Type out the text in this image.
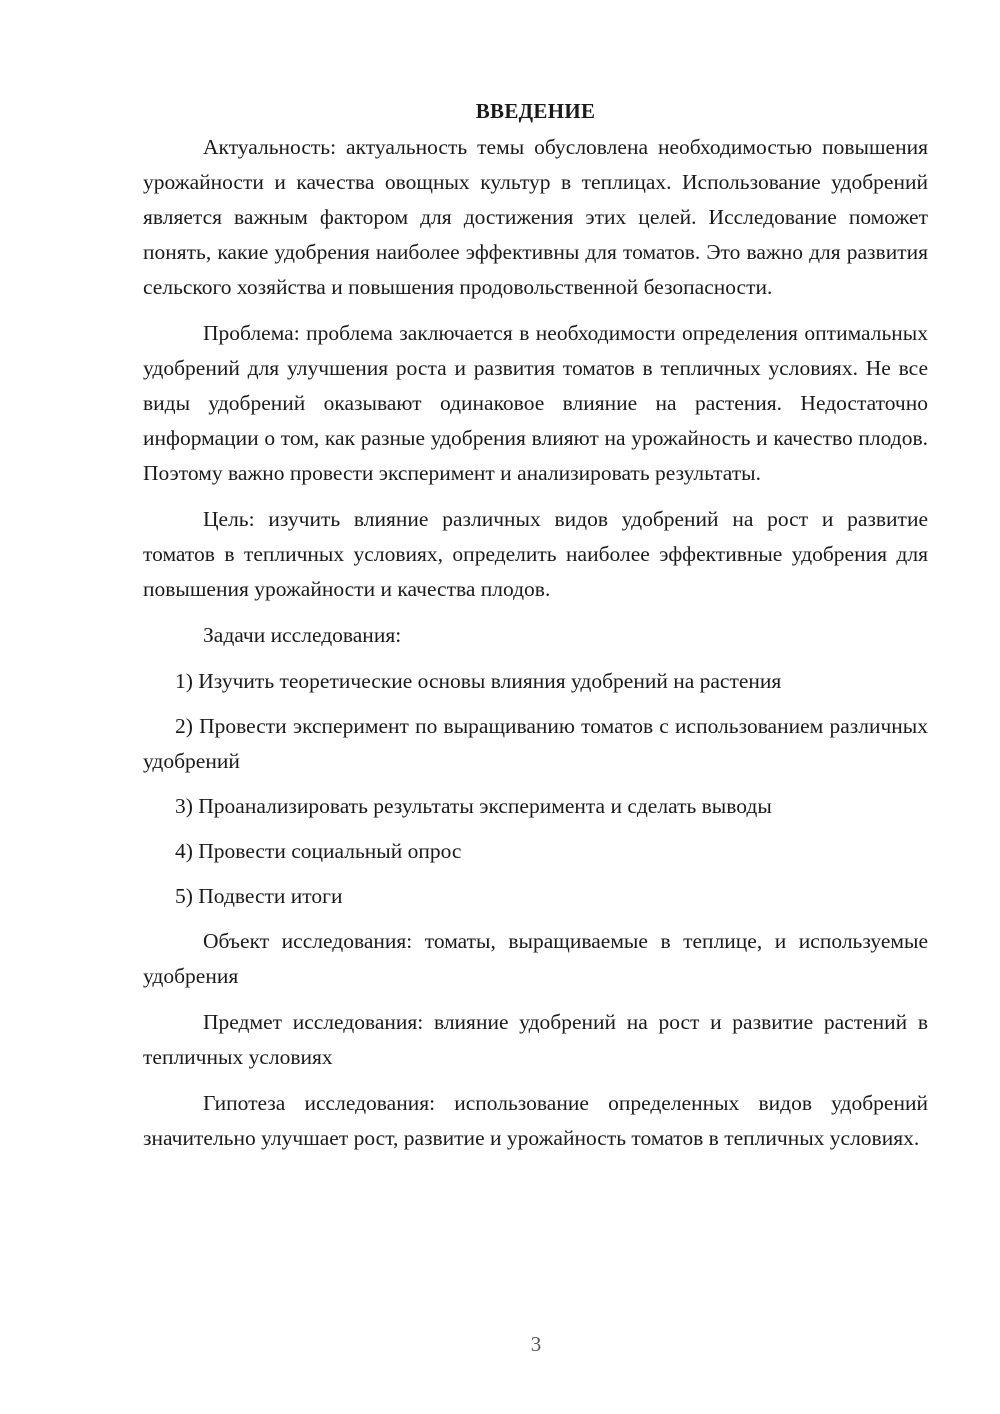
ВВЕДЕНИЕ

Актуальность: актуальность темы обусловлена необходимостью повышения урожайности и качества овощных культур в теплицах. Использование удобрений является важным фактором для достижения этих целей. Исследование поможет понять, какие удобрения наиболее эффективны для томатов. Это важно для развития сельского хозяйства и повышения продовольственной безопасности.

Проблема: проблема заключается в необходимости определения оптимальных удобрений для улучшения роста и развития томатов в тепличных условиях. Не все виды удобрений оказывают одинаковое влияние на растения. Недостаточно информации о том, как разные удобрения влияют на урожайность и качество плодов. Поэтому важно провести эксперимент и анализировать результаты.

Цель: изучить влияние различных видов удобрений на рост и развитие томатов в тепличных условиях, определить наиболее эффективные удобрения для повышения урожайности и качества плодов.

Задачи исследования:

1) Изучить теоретические основы влияния удобрений на растения

2) Провести эксперимент по выращиванию томатов с использованием различных удобрений

3) Проанализировать результаты эксперимента и сделать выводы

4) Провести социальный опрос

5) Подвести итоги

Объект исследования: томаты, выращиваемые в теплице, и используемые удобрения

Предмет исследования: влияние удобрений на рост и развитие растений в тепличных условиях

Гипотеза исследования: использование определенных видов удобрений значительно улучшает рост, развитие и урожайность томатов в тепличных условиях.

3
